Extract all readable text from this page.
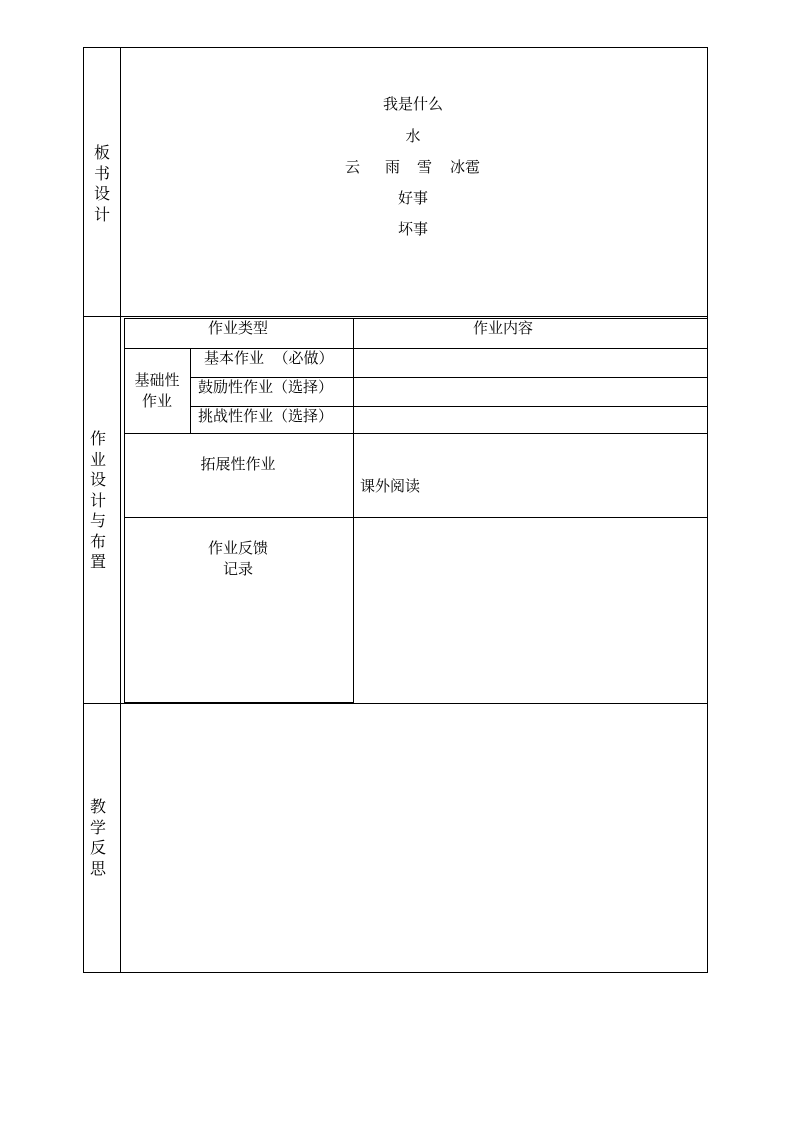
板
书
设
计
我是什么
水
云 雨 雪 冰雹
好事
坏事
作
业
设
计
与
布
置
作业类型	作业内容
基础性
作业
基本作业  （必做）
鼓励性作业（选择）
挑战性作业（选择）
拓展性作业
课外阅读
作业反馈
记录
教
学
反
思
